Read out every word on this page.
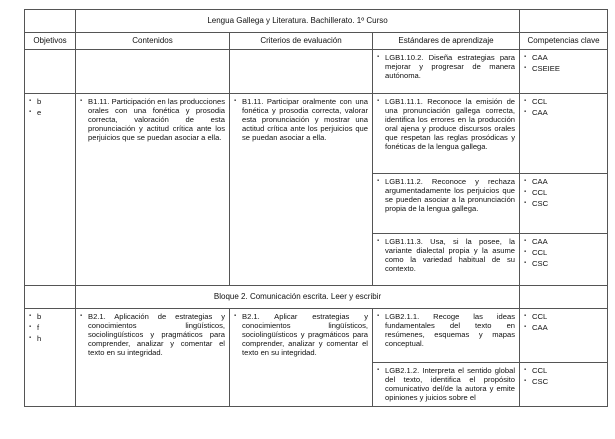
	Lengua Gallega y Literatura. Bachillerato. 1º Curso			
Objetivos	Contenidos	Criterios de evaluación	Estándares de aprendizaje	Competencias clave

			▪ LGB1.10.2. Diseña estrategias para mejorar y progresar de manera autónoma.	▪ CAA
▪ CSEIEE

▪ b
▪ e	▪ B1.11. Participación en las producciones orales con una fonética y prosodia correcta, valoración de esta pronunciación y actitud crítica ante los perjuicios que se puedan asociar a ella.	▪ B1.11. Participar oralmente con una fonética y prosodia correcta, valorar esta pronunciación y mostrar una actitud crítica ante los perjuicios que se puedan asociar a ella.	▪ LGB1.11.1. Reconoce la emisión de una pronunciación gallega correcta, identifica los errores en la producción oral ajena y produce discursos orales que respetan las reglas prosódicas y fonéticas de la lengua gallega.	▪ CCL
▪ CAA

			▪ LGB1.11.2. Reconoce y rechaza argumentadamente los perjuicios que se pueden asociar a la pronunciación propia de la lengua gallega.	▪ CAA
▪ CCL
▪ CSC

			▪ LGB1.11.3. Usa, si la posee, la variante dialectal propia y la asume como la variedad habitual de su contexto.	▪ CAA
▪ CCL
▪ CSC

	Bloque 2. Comunicación escrita. Leer y escribir			

▪ b
▪ f
▪ h	▪ B2.1. Aplicación de estrategias y conocimientos lingüísticos, sociolingüísticos y pragmáticos para comprender, analizar y comentar el texto en su integridad.	▪ B2.1. Aplicar estrategias y conocimientos lingüísticos, sociolingüísticos y pragmáticos para comprender, analizar y comentar el texto en su integridad.	▪ LGB2.1.1. Recoge las ideas fundamentales del texto en resúmenes, esquemas y mapas conceptual.	▪ CCL
▪ CAA

			▪ LGB2.1.2. Interpreta el sentido global del texto, identifica el propósito comunicativo del/de la autora y emite opiniones y juicios sobre el	▪ CCL
▪ CSC
